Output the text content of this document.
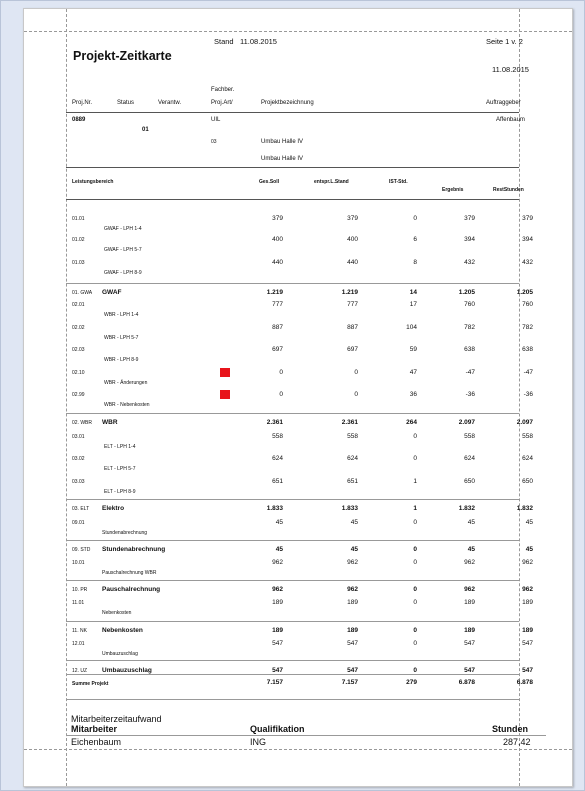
Stand 11.08.2015	Seite 1 v. 2
Projekt-Zeitkarte
11.08.2015
Fachber.
Proj.Nr.	Status	Verantw.	Proj.Art/	Projektbezeichnung	Auftraggeber
0889
01
UIL	Affenbaum
03	Umbau Halle IV
Umbau Halle IV
Leistungsbereich	Ges.Soll	entspr.L.Stand	IST-Std.
Ergebnis	RestStunden
01.01	379	379	0	379	379
GWAF - LPH 1-4
01.02	400	400	6	394	394
GWAF - LPH 5-7
01.03	440	440	8	432	432
GWAF - LPH 8-9
01. GWA GWAF	1.219	1.219	14	1.205	1.205
02.01	777	777	17	760	760
WBR - LPH 1-4
02.02	887	887	104	782	782
WBR - LPH 5-7
02.03	697	697	59	638	638
WBR - LPH 8-9
02.10	0	0	47	-47	-47
WBR - Änderungen
02.99	0	0	36	-36	-36
WBR - Nebenkosten
02. WBR WBR	2.361	2.361	264	2.097	2.097
03.01	558	558	0	558	558
ELT - LPH 1-4
03.02	624	624	0	624	624
ELT - LPH 5-7
03.03	651	651	1	650	650
ELT - LPH 8-9
03. ELT Elektro	1.833	1.833	1	1.832	1.832
09.01	45	45	0	45	45
Stundenabrechnung
09. STD Stundenabrechnung	45	45	0	45	45
10.01	962	962	0	962	962
Pauschalrechnung WBR
10. PR Pauschalrechnung	962	962	0	962	962
11.01	189	189	0	189	189
Nebenkosten
11. NK Nebenkosten	189	189	0	189	189
12.01	547	547	0	547	547
Umbauzuschlag
12. UZ Umbauzuschlag	547	547	0	547	547
Summe Projekt	7.157	7.157	279	6.878	6.878
Mitarbeiterzeitaufwand
Mitarbeiter	Qualifikation	Stunden
Eichenbaum	ING	287,42
